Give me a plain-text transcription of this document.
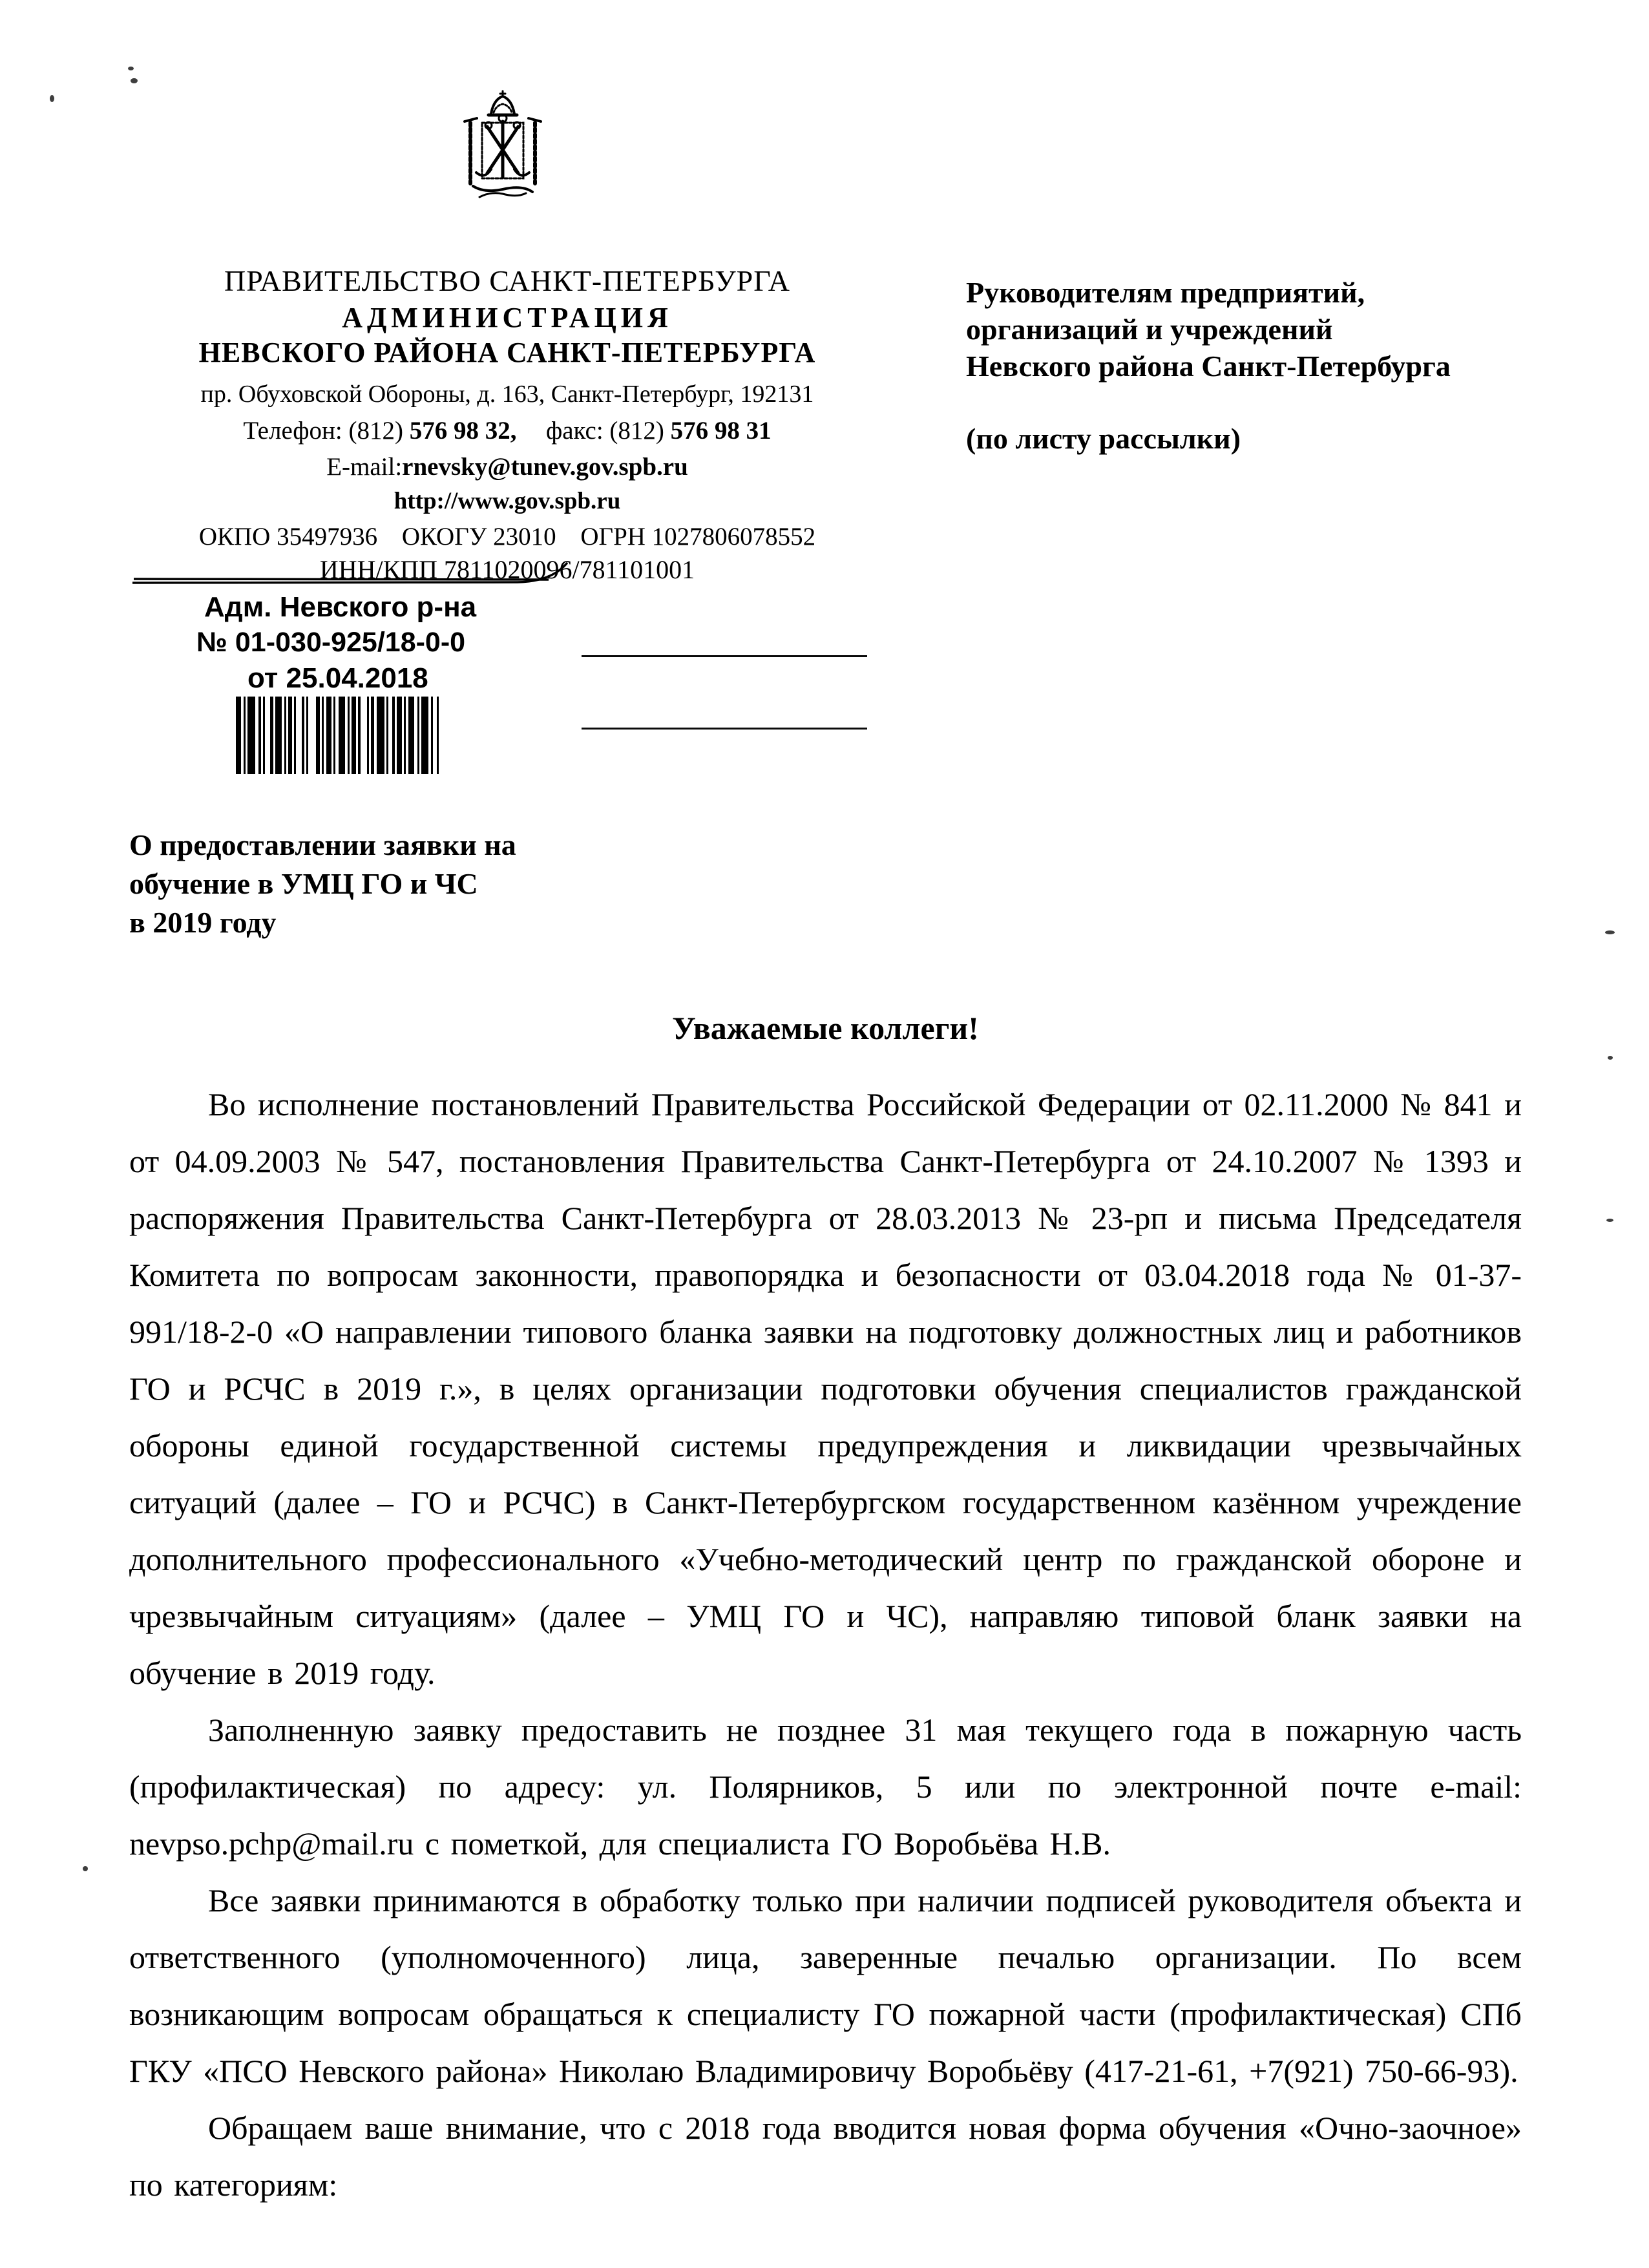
ПРАВИТЕЛЬСТВО САНКТ-ПЕТЕРБУРГА
АДМИНИСТРАЦИЯ
НЕВСКОГО РАЙОНА САНКТ-ПЕТЕРБУРГА
пр. Обуховской Обороны, д. 163, Санкт-Петербург, 192131
Телефон: (812) 576 98 32, факс: (812) 576 98 31
E-mail:rnevsky@tunev.gov.spb.ru
http://www.gov.spb.ru
ОКПО 35497936 ОКОГУ 23010 ОГРН 1027806078552
ИНН/КПП 7811020096/781101001
Адм. Невского р-на
№ 01-030-925/18-0-0
от 25.04.2018
Руководителям предприятий,
организаций и учреждений
Невского района Санкт-Петербурга
(по листу рассылки)
О предоставлении заявки на
обучение в УМЦ ГО и ЧС
в 2019 году
Уважаемые коллеги!

Во исполнение постановлений Правительства Российской Федерации от 02.11.2000 № 841 и от 04.09.2003 № 547, постановления Правительства Санкт-Петербурга от 24.10.2007 № 1393 и распоряжения Правительства Санкт-Петербурга от 28.03.2013 № 23-рп и письма Председателя Комитета по вопросам законности, правопорядка и безопасности от 03.04.2018 года № 01-37-991/18-2-0 «О направлении типового бланка заявки на подготовку должностных лиц и работников ГО и РСЧС в 2019 г.», в целях организации подготовки обучения специалистов гражданской обороны единой государственной системы предупреждения и ликвидации чрезвычайных ситуаций (далее – ГО и РСЧС) в Санкт-Петербургском государственном казённом учреждение дополнительного профессионального «Учебно-методический центр по гражданской обороне и чрезвычайным ситуациям» (далее – УМЦ ГО и ЧС), направляю типовой бланк заявки на обучение в 2019 году.

Заполненную заявку предоставить не позднее 31 мая текущего года в пожарную часть (профилактическая) по адресу: ул. Полярников, 5 или по электронной почте e-mail: nevpso.pchp@mail.ru с пометкой, для специалиста ГО Воробьёва Н.В.

Все заявки принимаются в обработку только при наличии подписей руководителя объекта и ответственного (уполномоченного) лица, заверенные печалью организации. По всем возникающим вопросам обращаться к специалисту ГО пожарной части (профилактическая) СПб ГКУ «ПСО Невского района» Николаю Владимировичу Воробьёву (417-21-61, +7(921) 750-66-93).

Обращаем ваше внимание, что с 2018 года вводится новая форма обучения «Очно-заочное» по категориям:
